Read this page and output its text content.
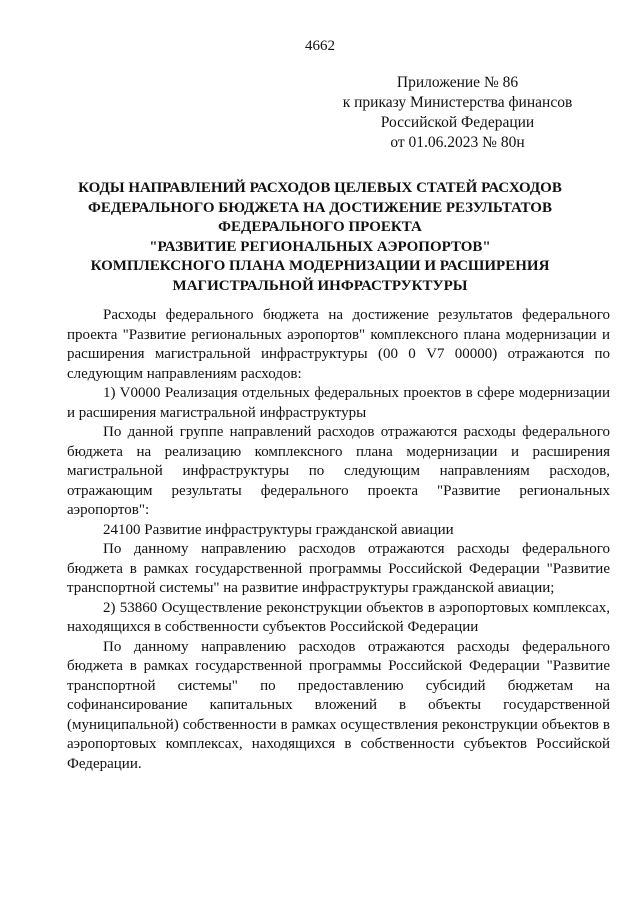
4662
Приложение № 86
к приказу Министерства финансов
Российской Федерации
от 01.06.2023 № 80н
КОДЫ НАПРАВЛЕНИЙ РАСХОДОВ ЦЕЛЕВЫХ СТАТЕЙ РАСХОДОВ
ФЕДЕРАЛЬНОГО БЮДЖЕТА НА ДОСТИЖЕНИЕ РЕЗУЛЬТАТОВ
ФЕДЕРАЛЬНОГО ПРОЕКТА
"РАЗВИТИЕ РЕГИОНАЛЬНЫХ АЭРОПОРТОВ"
КОМПЛЕКСНОГО ПЛАНА МОДЕРНИЗАЦИИ И РАСШИРЕНИЯ
МАГИСТРАЛЬНОЙ ИНФРАСТРУКТУРЫ

Расходы федерального бюджета на достижение результатов федерального проекта "Развитие региональных аэропортов" комплексного плана модернизации и расширения магистральной инфраструктуры (00 0 V7 00000) отражаются по следующим направлениям расходов:

1) V0000 Реализация отдельных федеральных проектов в сфере модернизации и расширения магистральной инфраструктуры

По данной группе направлений расходов отражаются расходы федерального бюджета на реализацию комплексного плана модернизации и расширения магистральной инфраструктуры по следующим направлениям расходов, отражающим результаты федерального проекта "Развитие региональных аэропортов":

24100 Развитие инфраструктуры гражданской авиации

По данному направлению расходов отражаются расходы федерального бюджета в рамках государственной программы Российской Федерации "Развитие транспортной системы" на развитие инфраструктуры гражданской авиации;

2) 53860 Осуществление реконструкции объектов в аэропортовых комплексах, находящихся в собственности субъектов Российской Федерации

По данному направлению расходов отражаются расходы федерального бюджета в рамках государственной программы Российской Федерации "Развитие транспортной системы" по предоставлению субсидий бюджетам на софинансирование капитальных вложений в объекты государственной (муниципальной) собственности в рамках осуществления реконструкции объектов в аэропортовых комплексах, находящихся в собственности субъектов Российской Федерации.
